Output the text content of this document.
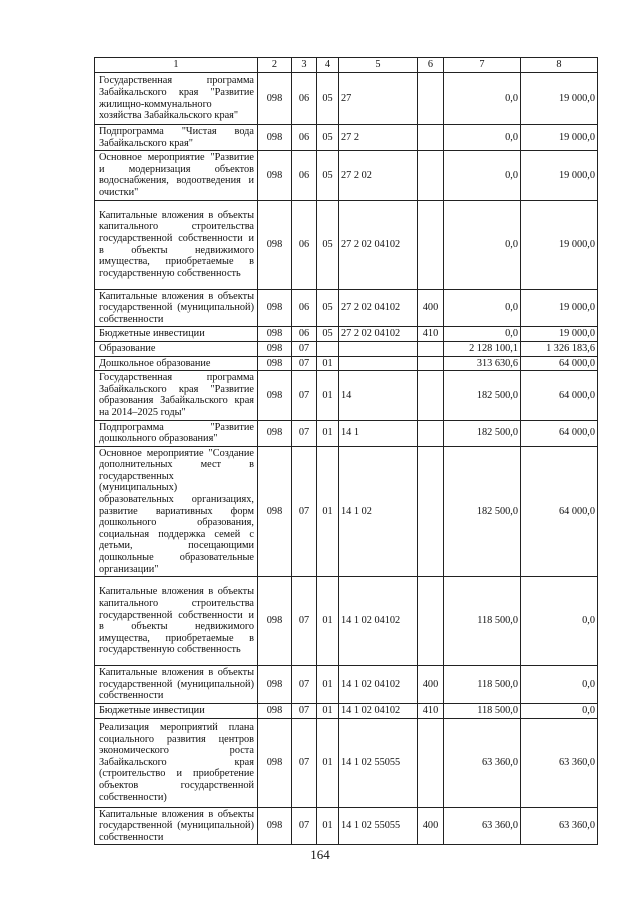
1	2	3	4	5	6	7	8
Государственная программа Забайкальского края "Развитие жилищно-коммунального хозяйства Забайкальского края"	098	06	05	27		0,0	19 000,0
Подпрограмма "Чистая вода Забайкальского края"	098	06	05	27 2		0,0	19 000,0
Основное мероприятие "Развитие и модернизация объектов водоснабжения, водоотведения и очистки"	098	06	05	27 2 02		0,0	19 000,0
Капитальные вложения в объекты капитального строительства государственной собственности и в объекты недвижимого имущества, приобретаемые в государственную собственность	098	06	05	27 2 02 04102		0,0	19 000,0
Капитальные вложения в объекты государственной (муниципальной) собственности	098	06	05	27 2 02 04102	400	0,0	19 000,0
Бюджетные инвестиции	098	06	05	27 2 02 04102	410	0,0	19 000,0
Образование	098	07				2 128 100,1	1 326 183,6
Дошкольное образование	098	07	01			313 630,6	64 000,0
Государственная программа Забайкальского края "Развитие образования Забайкальского края на 2014–2025 годы"	098	07	01	14		182 500,0	64 000,0
Подпрограмма "Развитие дошкольного образования"	098	07	01	14 1		182 500,0	64 000,0
Основное мероприятие "Создание дополнительных мест в государственных (муниципальных) образовательных организациях, развитие вариативных форм дошкольного образования, социальная поддержка семей с детьми, посещающими дошкольные образовательные организации"	098	07	01	14 1 02		182 500,0	64 000,0
Капитальные вложения в объекты капитального строительства государственной собственности и в объекты недвижимого имущества, приобретаемые в государственную собственность	098	07	01	14 1 02 04102		118 500,0	0,0
Капитальные вложения в объекты государственной (муниципальной) собственности	098	07	01	14 1 02 04102	400	118 500,0	0,0
Бюджетные инвестиции	098	07	01	14 1 02 04102	410	118 500,0	0,0
Реализация мероприятий плана социального развития центров экономического роста Забайкальского края (строительство и приобретение объектов государственной собственности)	098	07	01	14 1 02 55055		63 360,0	63 360,0
Капитальные вложения в объекты государственной (муниципальной) собственности	098	07	01	14 1 02 55055	400	63 360,0	63 360,0
164
